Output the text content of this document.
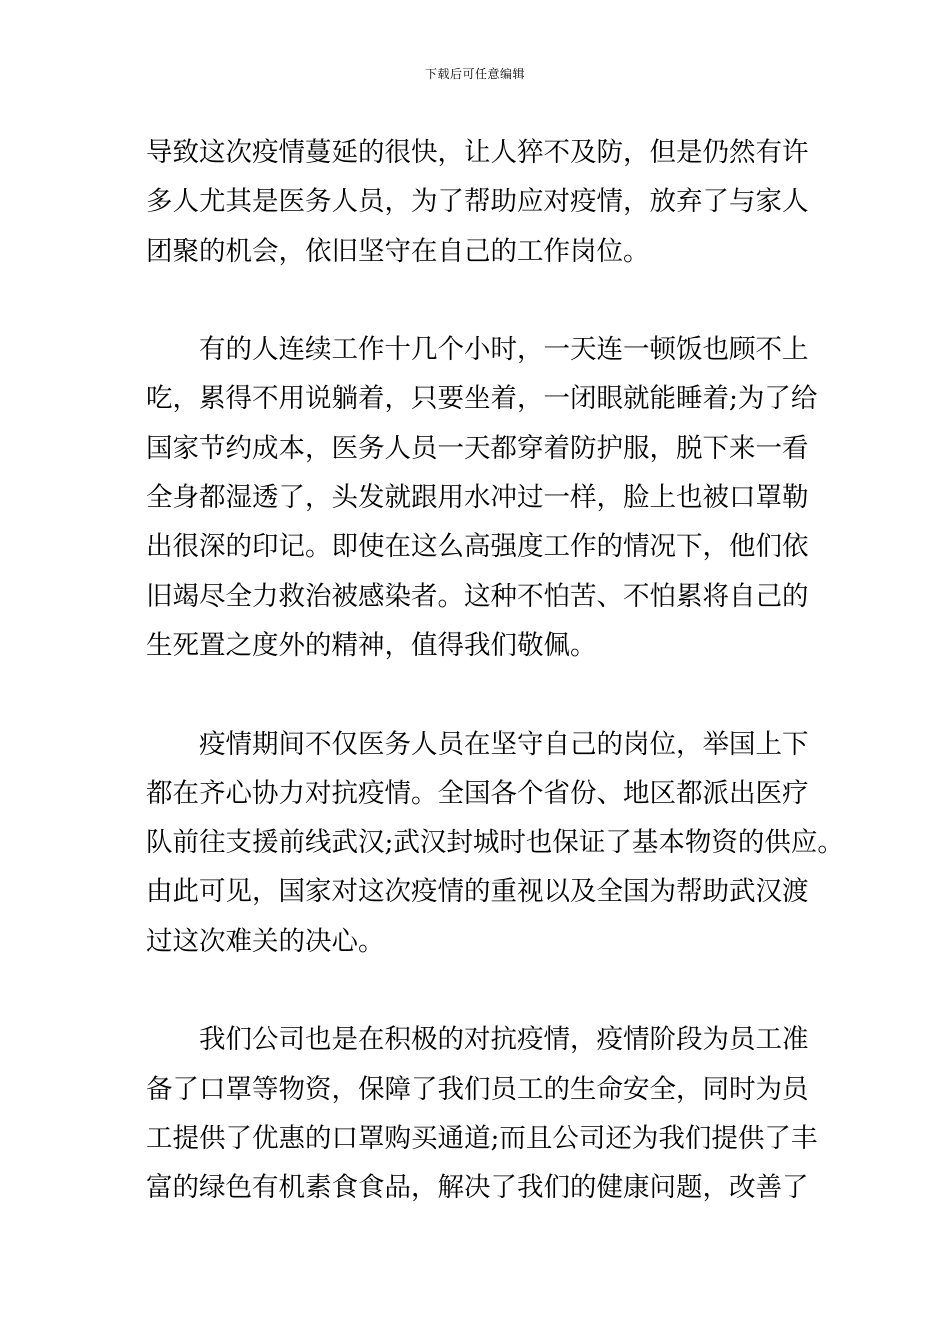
下载后可任意编辑
导致这次疫情蔓延的很快，让人猝不及防，但是仍然有许
多人尤其是医务人员，为了帮助应对疫情，放弃了与家人
团聚的机会，依旧坚守在自己的工作岗位。
有的人连续工作十几个小时，一天连一顿饭也顾不上
吃，累得不用说躺着，只要坐着，一闭眼就能睡着;为了给
国家节约成本，医务人员一天都穿着防护服，脱下来一看
全身都湿透了，头发就跟用水冲过一样，脸上也被口罩勒
出很深的印记。即使在这么高强度工作的情况下，他们依
旧竭尽全力救治被感染者。这种不怕苦、不怕累将自己的
生死置之度外的精神，值得我们敬佩。
疫情期间不仅医务人员在坚守自己的岗位，举国上下
都在齐心协力对抗疫情。全国各个省份、地区都派出医疗
队前往支援前线武汉;武汉封城时也保证了基本物资的供应。
由此可见，国家对这次疫情的重视以及全国为帮助武汉渡
过这次难关的决心。
我们公司也是在积极的对抗疫情，疫情阶段为员工准
备了口罩等物资，保障了我们员工的生命安全，同时为员
工提供了优惠的口罩购买通道;而且公司还为我们提供了丰
富的绿色有机素食食品，解决了我们的健康问题，改善了
